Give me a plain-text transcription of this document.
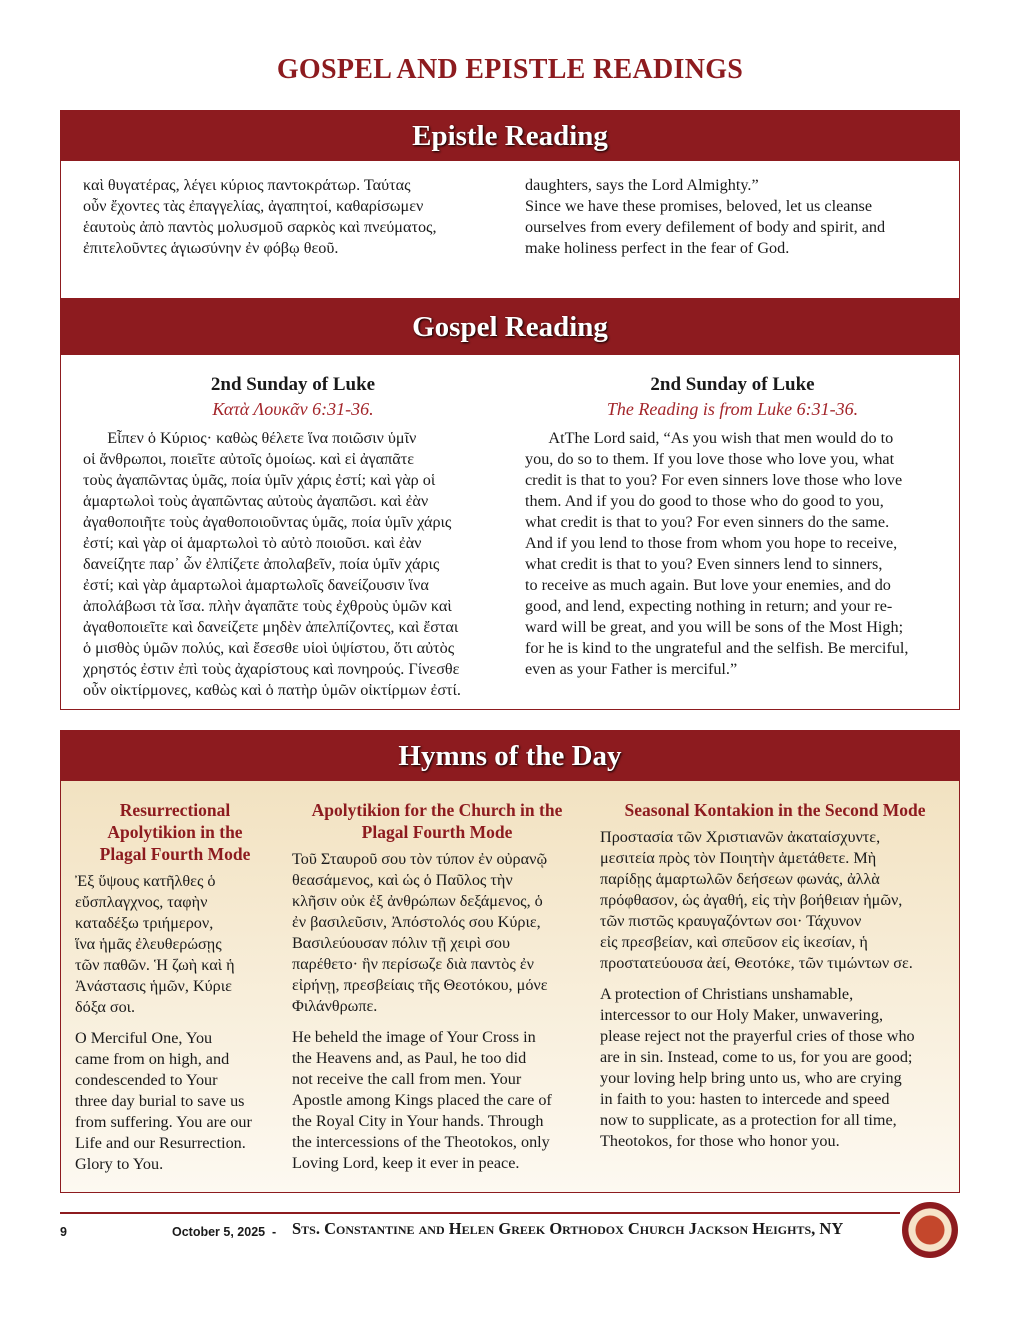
GOSPEL AND EPISTLE READINGS
Epistle Reading
καὶ θυγατέρας, λέγει κύριος παντοκράτωρ. Ταύτας
οὖν ἔχοντες τὰς ἐπαγγελίας, ἀγαπητοί, καθαρίσωμεν
ἑαυτοὺς ἀπὸ παντὸς μολυσμοῦ σαρκὸς καὶ πνεύματος,
ἐπιτελοῦντες ἁγιωσύνην ἐν φόβῳ θεοῦ.
daughters, says the Lord Almighty.”
Since we have these promises, beloved, let us cleanse
ourselves from every defilement of body and spirit, and
make holiness perfect in the fear of God.
Gospel Reading
2nd Sunday of Luke
Κατὰ Λουκᾶν 6:31-36.
Εἶπεν ὁ Κύριος· καθὼς θέλετε ἵνα ποιῶσιν ὑμῖν
οἱ ἄνθρωποι, ποιεῖτε αὐτοῖς ὁμοίως. καὶ εἰ ἀγαπᾶτε
τοὺς ἀγαπῶντας ὑμᾶς, ποία ὑμῖν χάρις ἐστί; καὶ γὰρ οἱ
ἁμαρτωλοὶ τοὺς ἀγαπῶντας αὐτοὺς ἀγαπῶσι. καὶ ἐὰν
ἀγαθοποιῆτε τοὺς ἀγαθοποιοῦντας ὑμᾶς, ποία ὑμῖν χάρις
ἐστί; καὶ γὰρ οἱ ἁμαρτωλοὶ τὸ αὐτὸ ποιοῦσι. καὶ ἐὰν
δανείζητε παρ᾽ ὧν ἐλπίζετε ἀπολαβεῖν, ποία ὑμῖν χάρις
ἐστί; καὶ γὰρ ἁμαρτωλοὶ ἁμαρτωλοῖς δανείζουσιν ἵνα
ἀπολάβωσι τὰ ἴσα. πλὴν ἀγαπᾶτε τοὺς ἐχθροὺς ὑμῶν καὶ
ἀγαθοποιεῖτε καὶ δανείζετε μηδὲν ἀπελπίζοντες, καὶ ἔσται
ὁ μισθὸς ὑμῶν πολύς, καὶ ἔσεσθε υἱοὶ ὑψίστου, ὅτι αὐτὸς
χρηστός ἐστιν ἐπὶ τοὺς ἀχαρίστους καὶ πονηρούς. Γίνεσθε
οὖν οἰκτίρμονες, καθὼς καὶ ὁ πατὴρ ὑμῶν οἰκτίρμων ἐστί.
2nd Sunday of Luke
The Reading is from Luke 6:31-36.
AtThe Lord said, “As you wish that men would do to
you, do so to them. If you love those who love you, what
credit is that to you? For even sinners love those who love
them. And if you do good to those who do good to you,
what credit is that to you? For even sinners do the same.
And if you lend to those from whom you hope to receive,
what credit is that to you? Even sinners lend to sinners,
to receive as much again. But love your enemies, and do
good, and lend, expecting nothing in return; and your re-
ward will be great, and you will be sons of the Most High;
for he is kind to the ungrateful and the selfish. Be merciful,
even as your Father is merciful.”
Hymns of the Day
Resurrectional
Apolytikion in the
Plagal Fourth Mode
Ἐξ ὕψους κατῆλθες ὁ
εὔσπλαγχνος, ταφὴν
καταδέξω τριήμερον,
ἵνα ἡμᾶς ἐλευθερώσῃς
τῶν παθῶν. Ἡ ζωὴ καὶ ἡ
Ἀνάστασις ἡμῶν, Κύριε
δόξα σοι.
O Merciful One, You
came from on high, and
condescended to Your
three day burial to save us
from suffering. You are our
Life and our Resurrection.
Glory to You.
Apolytikion for the Church in the
Plagal Fourth Mode
Τοῦ Σταυροῦ σου τὸν τύπον ἐν οὐρανῷ
θεασάμενος, καὶ ὡς ὁ Παῦλος τὴν
κλῆσιν οὐκ ἐξ ἀνθρώπων δεξάμενος, ὁ
ἐν βασιλεῦσιν, Ἀπόστολός σου Κύριε,
Βασιλεύουσαν πόλιν τῇ χειρὶ σου
παρέθετο· ἣν περίσωζε διὰ παντὸς ἐν
εἰρήνῃ, πρεσβείαις τῆς Θεοτόκου, μόνε
Φιλάνθρωπε.
He beheld the image of Your Cross in
the Heavens and, as Paul, he too did
not receive the call from men. Your
Apostle among Kings placed the care of
the Royal City in Your hands. Through
the intercessions of the Theotokos, only
Loving Lord, keep it ever in peace.
Seasonal Kontakion in the Second Mode
Προστασία τῶν Χριστιανῶν ἀκαταίσχυντε,
μεσιτεία πρὸς τὸν Ποιητὴν ἀμετάθετε. Μὴ
παρίδῃς ἁμαρτωλῶν δεήσεων φωνάς, ἀλλὰ
πρόφθασον, ὡς ἀγαθή, εἰς τὴν βοήθειαν ἡμῶν,
τῶν πιστῶς κραυγαζόντων σοι· Τάχυνον
εἰς πρεσβείαν, καὶ σπεῦσον εἰς ἱκεσίαν, ἡ
προστατεύουσα ἀεί, Θεοτόκε, τῶν τιμώντων σε.
A protection of Christians unshamable,
intercessor to our Holy Maker, unwavering,
please reject not the prayerful cries of those who
are in sin. Instead, come to us, for you are good;
your loving help bring unto us, who are crying
in faith to you: hasten to intercede and speed
now to supplicate, as a protection for all time,
Theotokos, for those who honor you.
9	October 5, 2025  - Sts. Constantine and Helen Greek Orthodox Church Jackson Heights, NY
